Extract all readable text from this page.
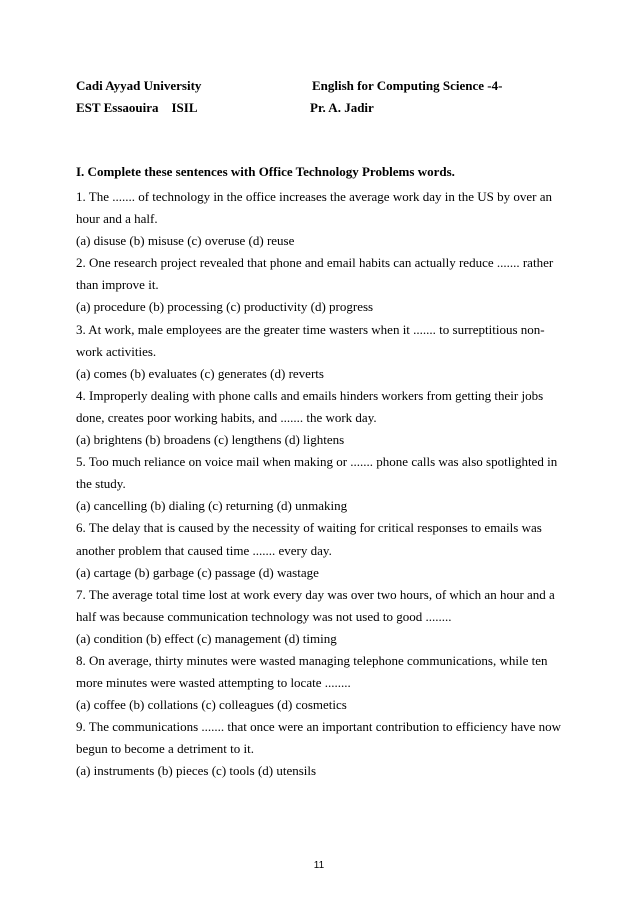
Cadi Ayyad University	English for Computing Science -4-
EST Essaouira    ISIL	Pr. A. Jadir
I. Complete these sentences with Office Technology Problems words.
1. The ....... of technology in the office increases the average work day in the US by over an
hour and a half.
(a) disuse (b) misuse (c) overuse (d) reuse
2. One research project revealed that phone and email habits can actually reduce ....... rather
than improve it.
(a) procedure (b) processing (c) productivity (d) progress
3. At work, male employees are the greater time wasters when it ....... to surreptitious non-
work activities.
(a) comes (b) evaluates (c) generates (d) reverts
4. Improperly dealing with phone calls and emails hinders workers from getting their jobs
done, creates poor working habits, and ....... the work day.
(a) brightens (b) broadens (c) lengthens (d) lightens
5. Too much reliance on voice mail when making or ....... phone calls was also spotlighted in
the study.
(a) cancelling (b) dialing (c) returning (d) unmaking
6. The delay that is caused by the necessity of waiting for critical responses to emails was
another problem that caused time ....... every day.
(a) cartage (b) garbage (c) passage (d) wastage
7. The average total time lost at work every day was over two hours, of which an hour and a
half was because communication technology was not used to good ........
(a) condition (b) effect (c) management (d) timing
8. On average, thirty minutes were wasted managing telephone communications, while ten
more minutes were wasted attempting to locate ........
(a) coffee (b) collations (c) colleagues (d) cosmetics
9. The communications ....... that once were an important contribution to efficiency have now
begun to become a detriment to it.
(a) instruments (b) pieces (c) tools (d) utensils
11
